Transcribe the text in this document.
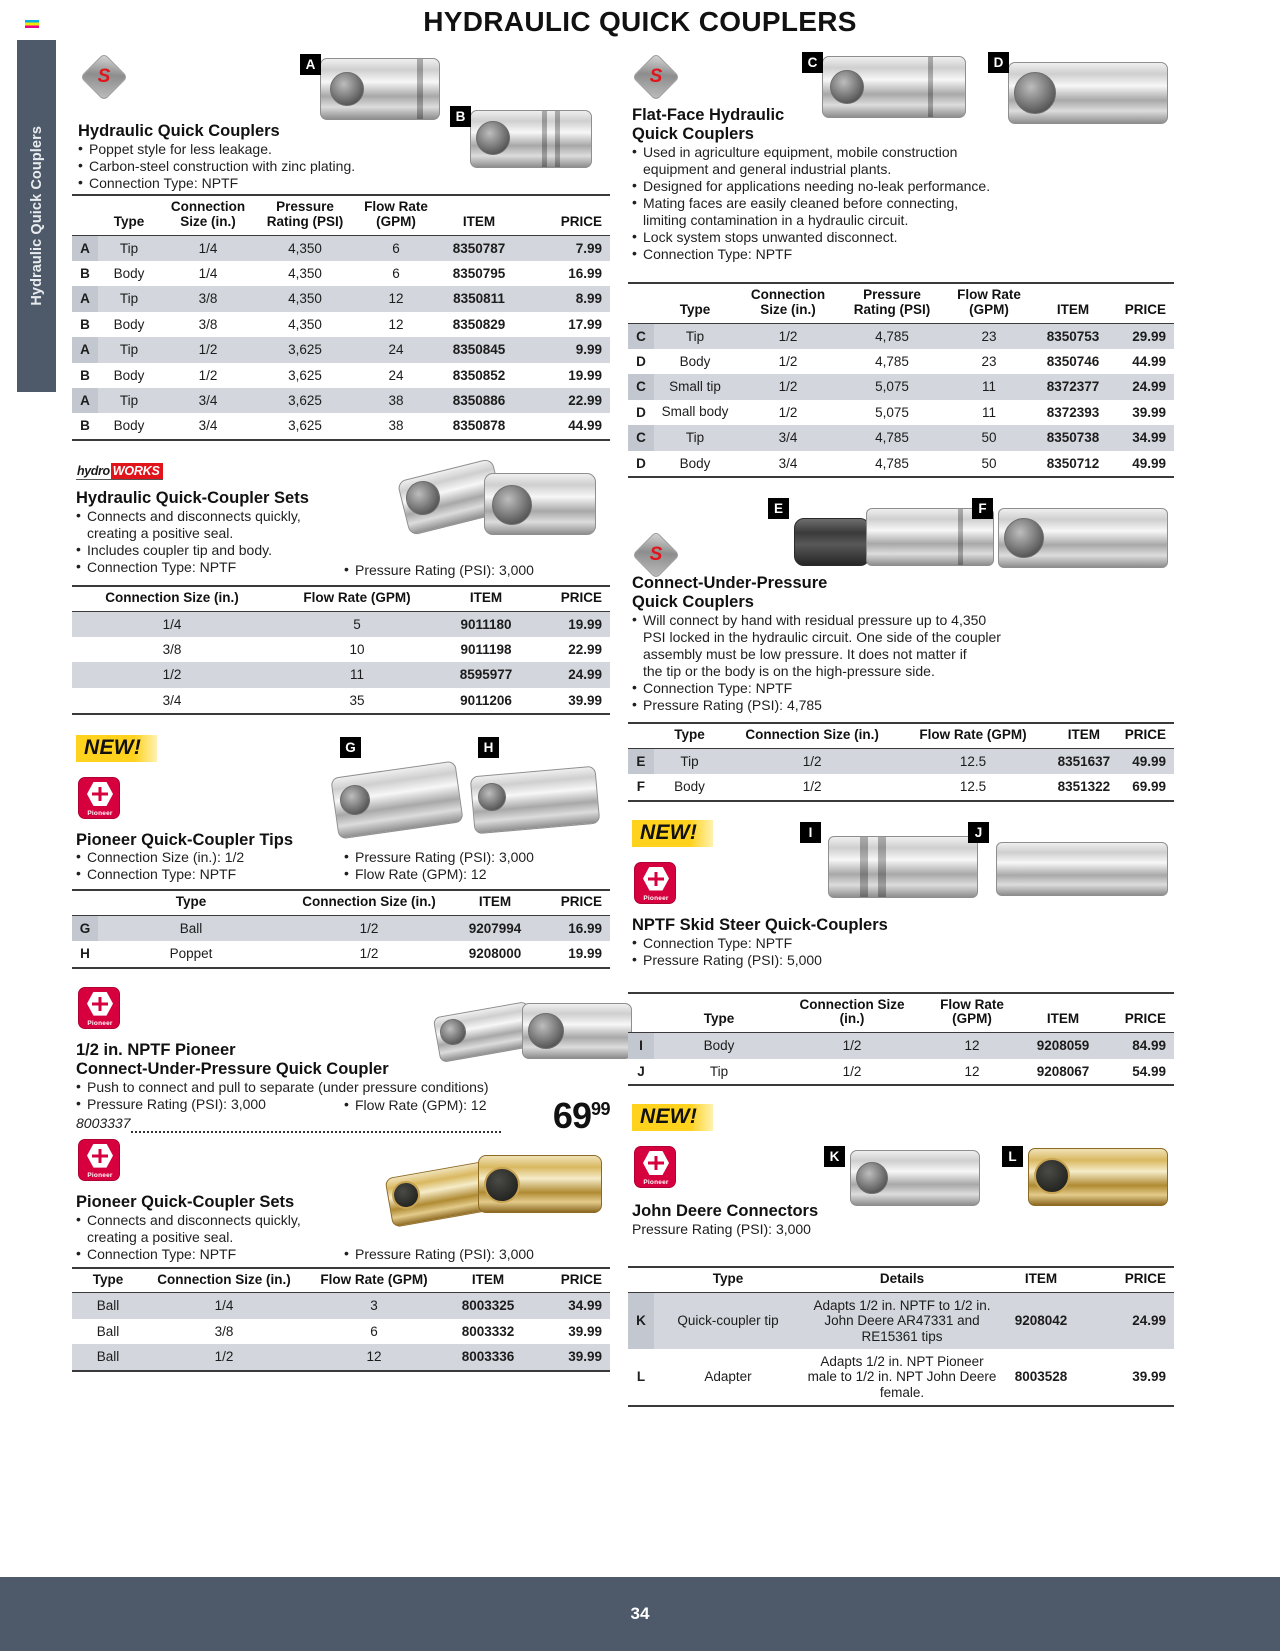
Hydraulic Quick Couplers
HYDRAULIC QUICK COUPLERS
S
A
B
Hydraulic Quick Couplers
• Poppet style for less leakage.
• Carbon-steel construction with zinc plating.
• Connection Type: NPTF
	Type	Connection Size (in.)	Pressure Rating (PSI)	Flow Rate (GPM)	ITEM	PRICE
A	Tip	1/4	4,350	6	8350787	7.99
B	Body	1/4	4,350	6	8350795	16.99
A	Tip	3/8	4,350	12	8350811	8.99
B	Body	3/8	4,350	12	8350829	17.99
A	Tip	1/2	3,625	24	8350845	9.99
B	Body	1/2	3,625	24	8350852	19.99
A	Tip	3/4	3,625	38	8350886	22.99
B	Body	3/4	3,625	38	8350878	44.99
hydro WORKS
Hydraulic Quick-Coupler Sets
• Connects and disconnects quickly,
creating a positive seal.
• Includes coupler tip and body.
• Connection Type: NPTF	• Pressure Rating (PSI): 3,000
Connection Size (in.)	Flow Rate (GPM)	ITEM	PRICE
1/4	5	9011180	19.99
3/8	10	9011198	22.99
1/2	11	8595977	24.99
3/4	35	9011206	39.99
NEW!
Pioneer
G	H
Pioneer Quick-Coupler Tips
• Connection Size (in.): 1/2
• Connection Type: NPTF
• Pressure Rating (PSI): 3,000
• Flow Rate (GPM): 12
	Type	Connection Size (in.)	ITEM	PRICE
G	Ball	1/2	9207994	16.99
H	Poppet	1/2	9208000	19.99
Pioneer
1/2 in. NPTF Pioneer
Connect-Under-Pressure Quick Coupler
• Push to connect and pull to separate (under pressure conditions)
• Pressure Rating (PSI): 3,000	• Flow Rate (GPM): 12
8003337	$69^{99}$
Pioneer
Pioneer Quick-Coupler Sets
• Connects and disconnects quickly,
creating a positive seal.
• Connection Type: NPTF	• Pressure Rating (PSI): 3,000
Type	Connection Size (in.)	Flow Rate (GPM)	ITEM	PRICE
Ball	1/4	3	8003325	34.99
Ball	3/8	6	8003332	39.99
Ball	1/2	12	8003336	39.99
S
C	D
Flat-Face Hydraulic
Quick Couplers
• Used in agriculture equipment, mobile construction
equipment and general industrial plants.
• Designed for applications needing no-leak performance.
• Mating faces are easily cleaned before connecting,
limiting contamination in a hydraulic circuit.
• Lock system stops unwanted disconnect.
• Connection Type: NPTF
	Type	Connection Size (in.)	Pressure Rating (PSI)	Flow Rate (GPM)	ITEM	PRICE
C	Tip	1/2	4,785	23	8350753	29.99
D	Body	1/2	4,785	23	8350746	44.99
C	Small tip	1/2	5,075	11	8372377	24.99
D	Small body	1/2	5,075	11	8372393	39.99
C	Tip	3/4	4,785	50	8350738	34.99
D	Body	3/4	4,785	50	8350712	49.99
S
E	F
Connect-Under-Pressure
Quick Couplers
• Will connect by hand with residual pressure up to 4,350
PSI locked in the hydraulic circuit. One side of the coupler
assembly must be low pressure. It does not matter if
the tip or the body is on the high-pressure side.
• Connection Type: NPTF
• Pressure Rating (PSI): 4,785
	Type	Connection Size (in.)	Flow Rate (GPM)	ITEM	PRICE
E	Tip	1/2	12.5	8351637	49.99
F	Body	1/2	12.5	8351322	69.99
NEW!
Pioneer
I	J
NPTF Skid Steer Quick-Couplers
• Connection Type: NPTF
• Pressure Rating (PSI): 5,000
	Type	Connection Size (in.)	Flow Rate (GPM)	ITEM	PRICE
I	Body	1/2	12	9208059	84.99
J	Tip	1/2	12	9208067	54.99
NEW!
Pioneer
K	L
John Deere Connectors
Pressure Rating (PSI): 3,000
	Type	Details	ITEM	PRICE
K	Quick-coupler tip	Adapts 1/2 in. NPTF to 1/2 in. John Deere AR47331 and RE15361 tips	9208042	24.99
L	Adapter	Adapts 1/2 in. NPT Pioneer male to 1/2 in. NPT John Deere female.	8003528	39.99
34
